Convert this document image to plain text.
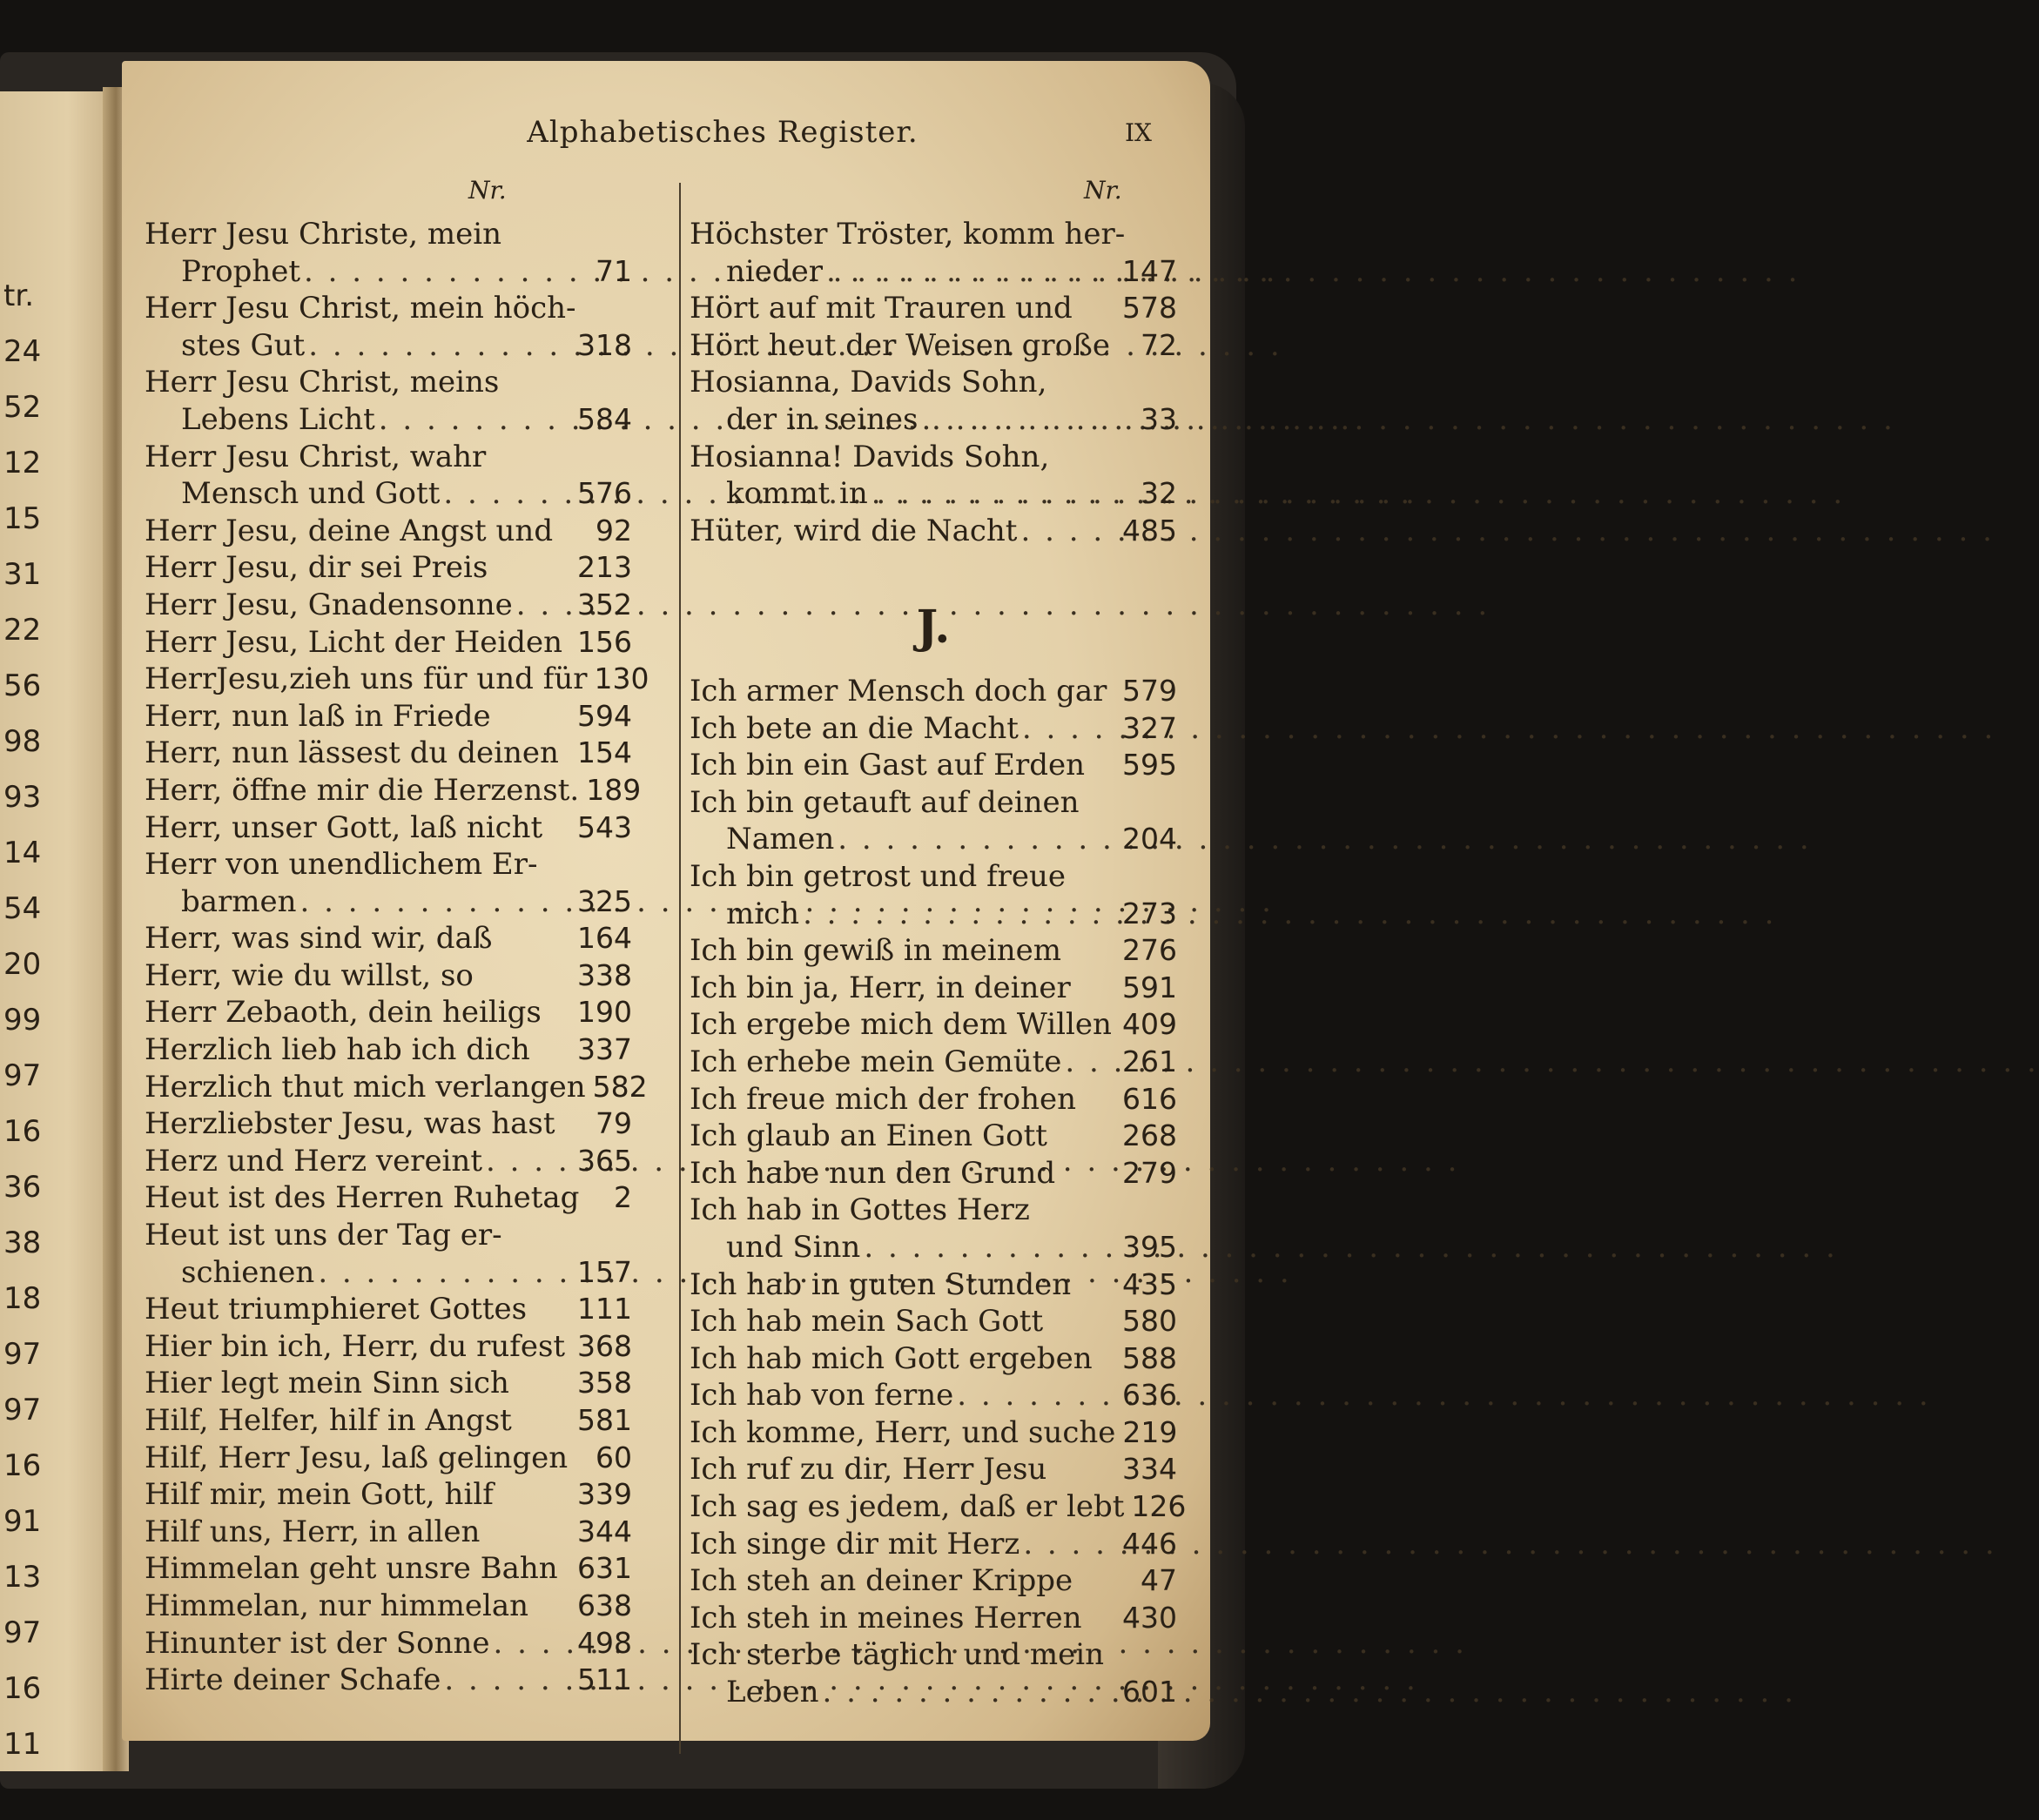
tr.
24
52
12
15
31
22
56
98
93
14
54
20
99
97
16
36
38
18
97
97
16
91
13
97
16
11
Alphabetisches Register.	IX
Nr.	Nr.
Herr Jesu Christe, mein
Prophet . . .	71
Herr Jesu Christ, mein höch-
stes Gut . . .	318
Herr Jesu Christ, meins
Lebens Licht . . .	584
Herr Jesu Christ, wahr
Mensch und Gott . . .	576
Herr Jesu, deine Angst und 92
Herr Jesu, dir sei Preis	213
Herr Jesu, Gnadensonne . . . 352
Herr Jesu, Licht der Heiden 156
HerrJesu,zieh uns für und für 130
Herr, nun laß in Friede	594
Herr, nun lässest du deinen 154
Herr, öffne mir die Herzenst. 189
Herr, unser Gott, laß nicht 543
Herr von unendlichem Er-
barmen . . .	325
Herr, was sind wir, daß	164
Herr, wie du willst, so	338
Herr Zebaoth, dein heiligs 190
Herzlich lieb hab ich dich 337
Herzlich thut mich verlangen 582
Herzliebster Jesu, was hast 79
Herz und Herz vereint . . .	365
Heut ist des Herren Ruhetag 2
Heut ist uns der Tag er-
schienen . . .	157
Heut triumphieret Gottes 111
Hier bin ich, Herr, du rufest 368
Hier legt mein Sinn sich 358
Hilf, Helfer, hilf in Angst 581
Hilf, Herr Jesu, laß gelingen 60
Hilf mir, mein Gott, hilf	339
Hilf uns, Herr, in allen	344
Himmelan geht unsre Bahn 631
Himmelan, nur himmelan 638
Hinunter ist der Sonne . . .	498
Hirte deiner Schafe . . .	511
Höchster Tröster, komm her-
nieder . . .	147
Hört auf mit Trauren und 578
Hört heut der Weisen große 72
Hosianna, Davids Sohn,
der in seines . . .	33
Hosianna! Davids Sohn,
kommt in . . .	32
Hüter, wird die Nacht . . .	485
J.
Ich armer Mensch doch gar 579
Ich bete an die Macht . . .	327
Ich bin ein Gast auf Erden 595
Ich bin getauft auf deinen
Namen . . .	204
Ich bin getrost und freue
mich . . .	273
Ich bin gewiß in meinem 276
Ich bin ja, Herr, in deiner 591
Ich ergebe mich dem Willen 409
Ich erhebe mein Gemüte . . . 261
Ich freue mich der frohen 616
Ich glaub an Einen Gott	268
Ich habe nun den Grund 279
Ich hab in Gottes Herz
und Sinn . . .	395
Ich hab in guten Stunden 435
Ich hab mein Sach Gott	580
Ich hab mich Gott ergeben 588
Ich hab von ferne . . .	636
Ich komme, Herr, und suche 219
Ich ruf zu dir, Herr Jesu	334
Ich sag es jedem, daß er lebt 126
Ich singe dir mit Herz . . .	446
Ich steh an deiner Krippe 47
Ich steh in meines Herren 430
Ich sterbe täglich und mein
Leben . . .	601
